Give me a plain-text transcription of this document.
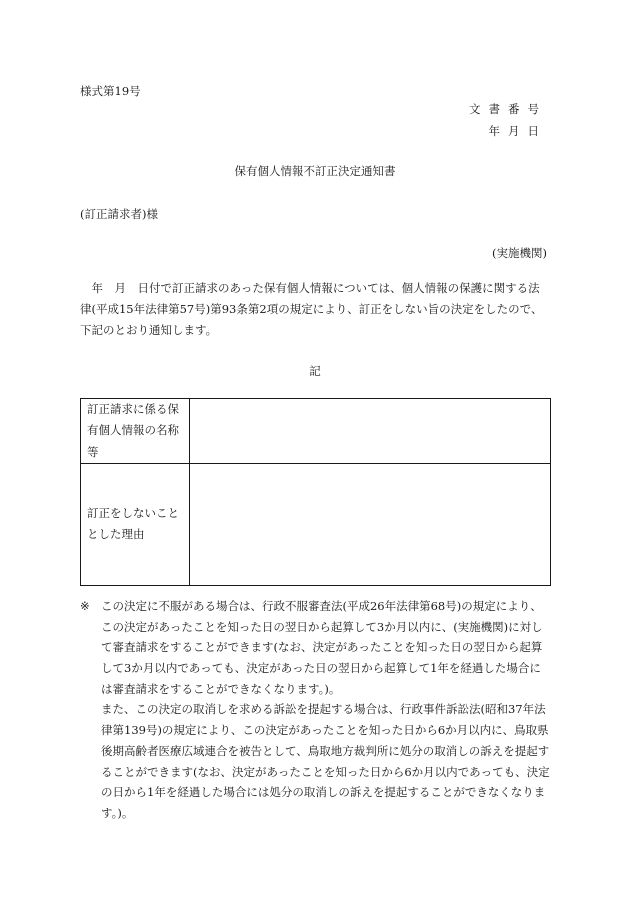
様式第19号
文書番号
年月日
保有個人情報不訂正決定通知書
(訂正請求者)様
(実施機関)
年　月　日付で訂正請求のあった保有個人情報については、個人情報の保護に関する法律(平成15年法律第57号)第93条第2項の規定により、訂正をしない旨の決定をしたので、下記のとおり通知します。
記
訂正請求に係る保有個人情報の名称等	
訂正をしないこととした理由	
※ この決定に不服がある場合は、行政不服審査法(平成26年法律第68号)の規定により、この決定があったことを知った日の翌日から起算して3か月以内に、(実施機関)に対して審査請求をすることができます(なお、決定があったことを知った日の翌日から起算して3か月以内であっても、決定があった日の翌日から起算して1年を経過した場合には審査請求をすることができなくなります。)。
また、この決定の取消しを求める訴訟を提起する場合は、行政事件訴訟法(昭和37年法律第139号)の規定により、この決定があったことを知った日から6か月以内に、鳥取県後期高齢者医療広域連合を被告として、鳥取地方裁判所に処分の取消しの訴えを提起することができます(なお、決定があったことを知った日から6か月以内であっても、決定の日から1年を経過した場合には処分の取消しの訴えを提起することができなくなります。)。
